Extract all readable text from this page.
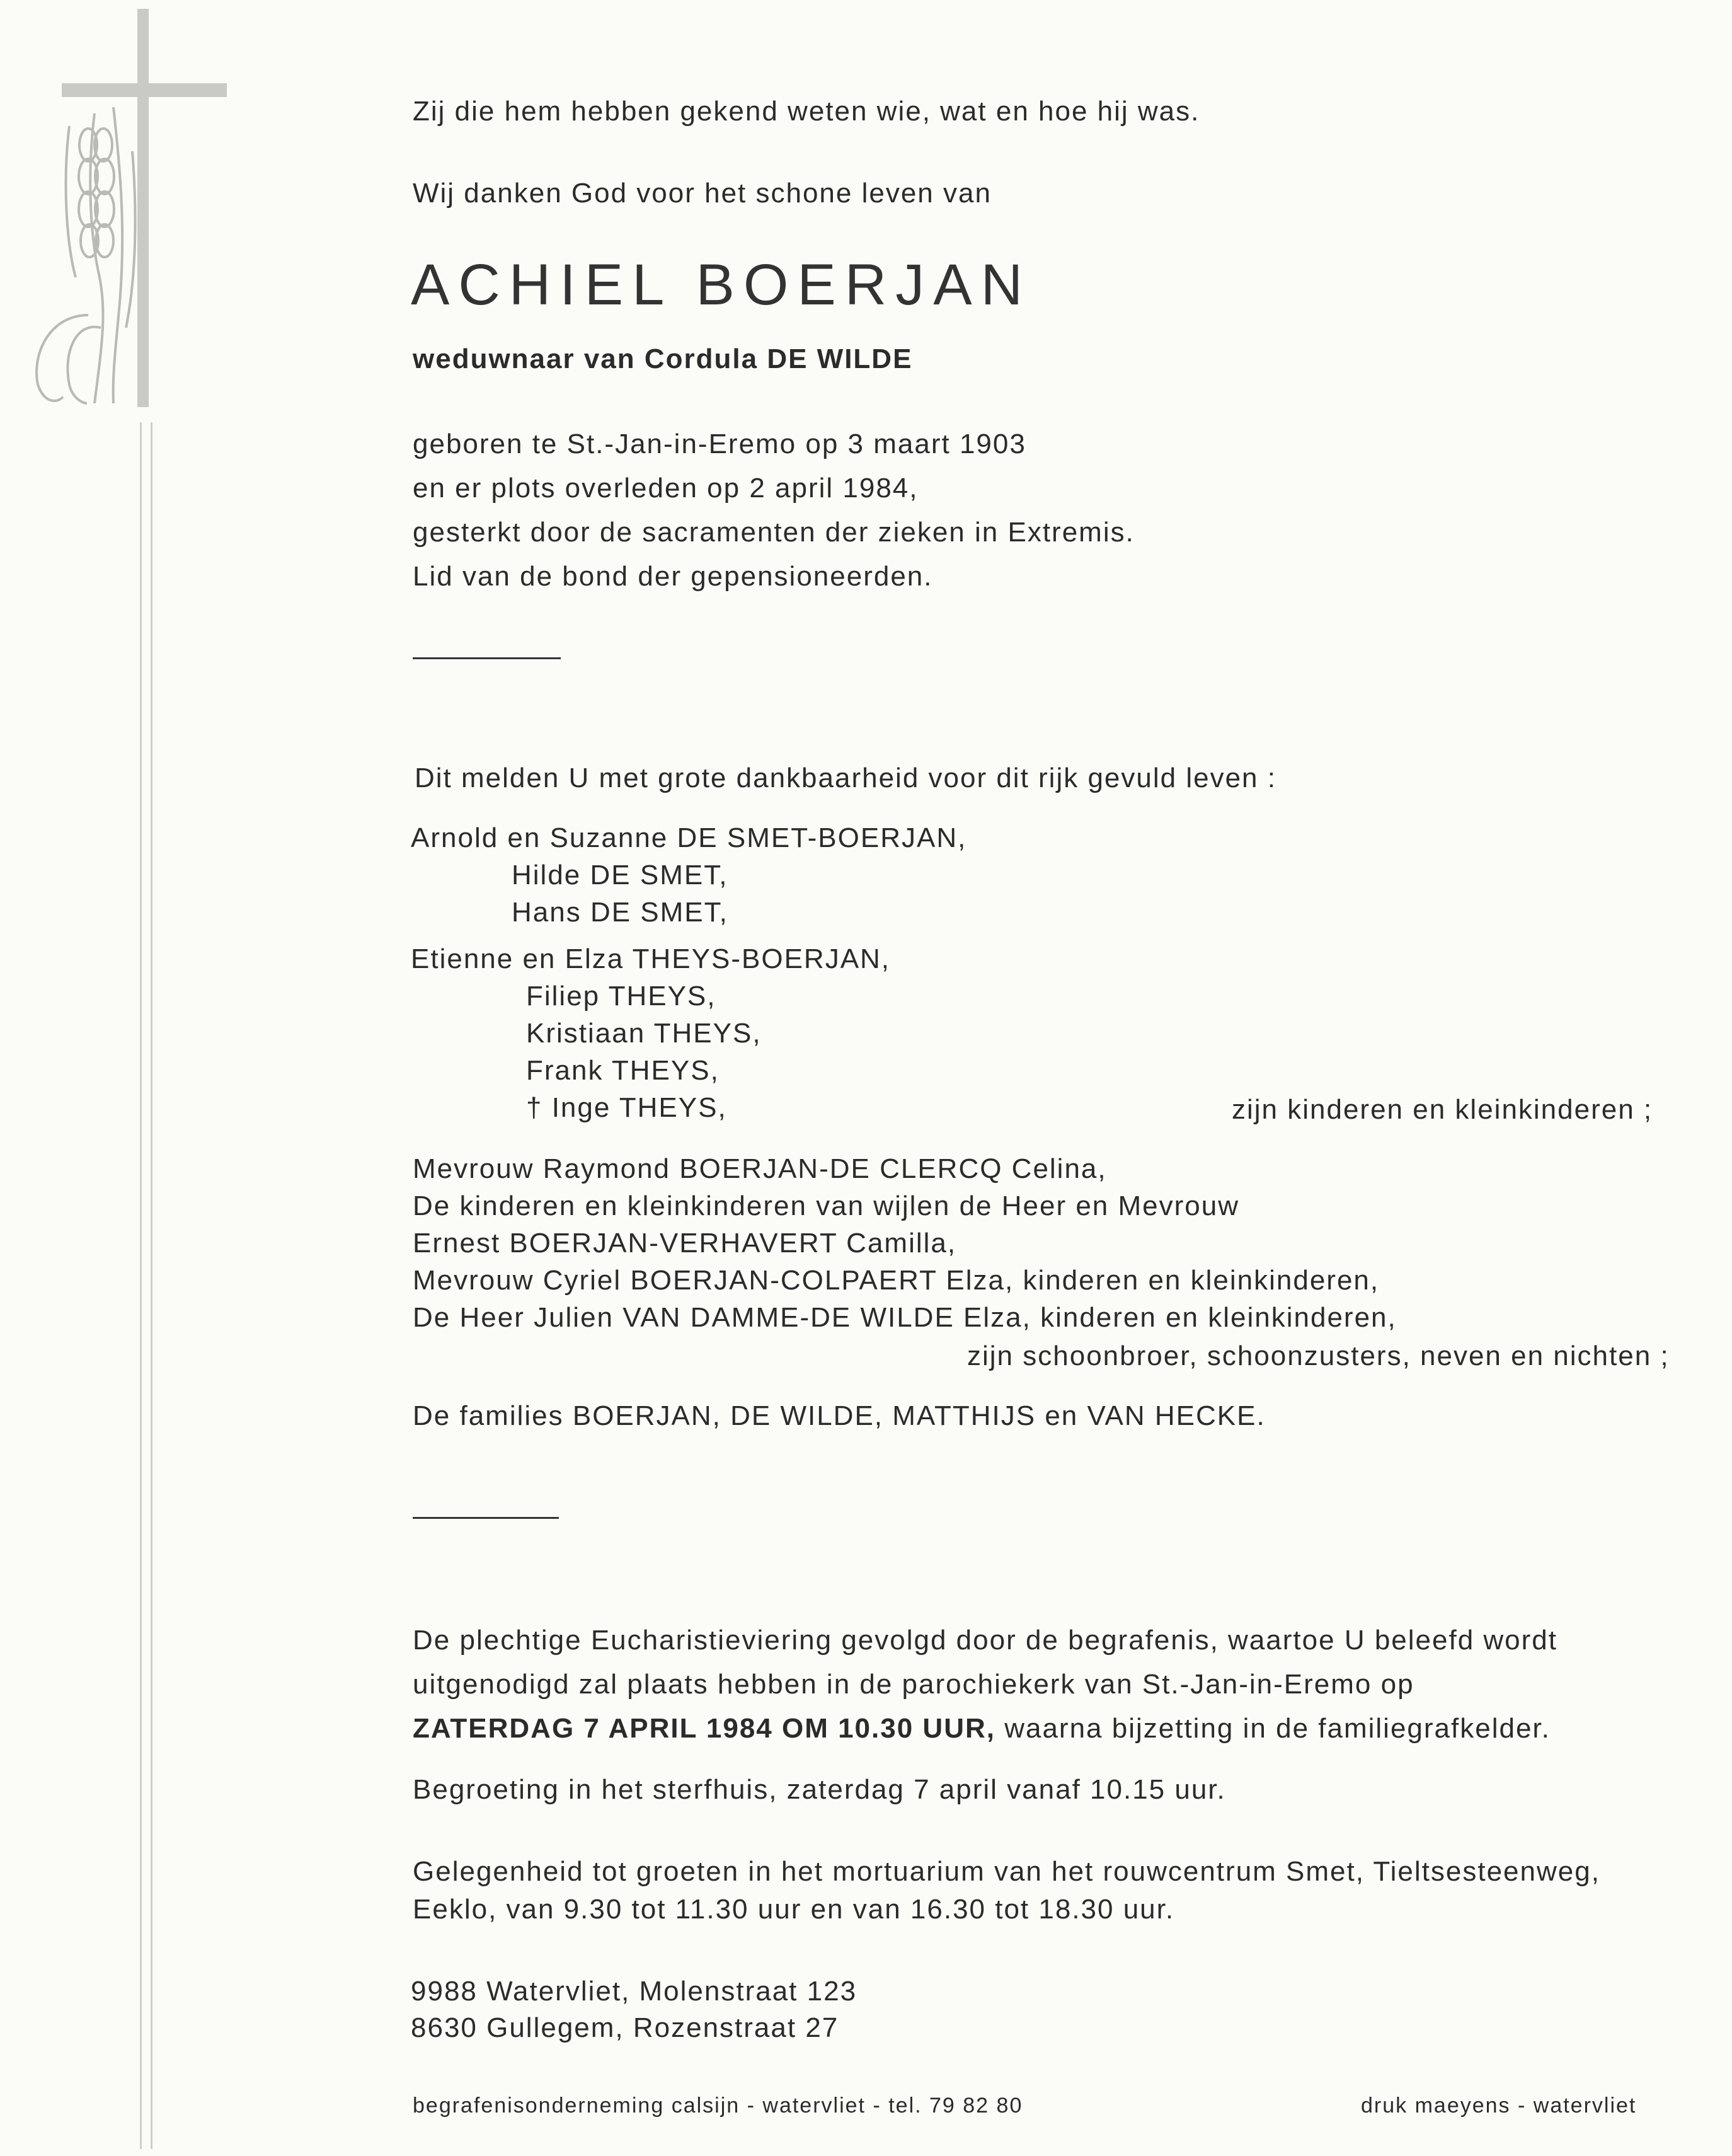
Zij die hem hebben gekend weten wie, wat en hoe hij was.
Wij danken God voor het schone leven van
ACHIEL BOERJAN
weduwnaar van Cordula DE WILDE
geboren te St.-Jan-in-Eremo op 3 maart 1903
en er plots overleden op 2 april 1984,
gesterkt door de sacramenten der zieken in Extremis.
Lid van de bond der gepensioneerden.
Dit melden U met grote dankbaarheid voor dit rijk gevuld leven :
Arnold en Suzanne DE SMET-BOERJAN,
Hilde DE SMET,
Hans DE SMET,
Etienne en Elza THEYS-BOERJAN,
Filiep THEYS,
Kristiaan THEYS,
Frank THEYS,
† Inge THEYS,	zijn kinderen en kleinkinderen ;
Mevrouw Raymond BOERJAN-DE CLERCQ Celina,
De kinderen en kleinkinderen van wijlen de Heer en Mevrouw
Ernest BOERJAN-VERHAVERT Camilla,
Mevrouw Cyriel BOERJAN-COLPAERT Elza, kinderen en kleinkinderen,
De Heer Julien VAN DAMME-DE WILDE Elza, kinderen en kleinkinderen,
zijn schoonbroer, schoonzusters, neven en nichten ;
De families BOERJAN, DE WILDE, MATTHIJS en VAN HECKE.
De plechtige Eucharistieviering gevolgd door de begrafenis, waartoe U beleefd wordt
uitgenodigd zal plaats hebben in de parochiekerk van St.-Jan-in-Eremo op
ZATERDAG 7 APRIL 1984 OM 10.30 UUR, waarna bijzetting in de familiegrafkelder.
Begroeting in het sterfhuis, zaterdag 7 april vanaf 10.15 uur.
Gelegenheid tot groeten in het mortuarium van het rouwcentrum Smet, Tieltsesteenweg,
Eeklo, van 9.30 tot 11.30 uur en van 16.30 tot 18.30 uur.
9988 Watervliet, Molenstraat 123
8630 Gullegem, Rozenstraat 27
begrafenisonderneming calsijn - watervliet - tel. 79 82 80	druk maeyens - watervliet
